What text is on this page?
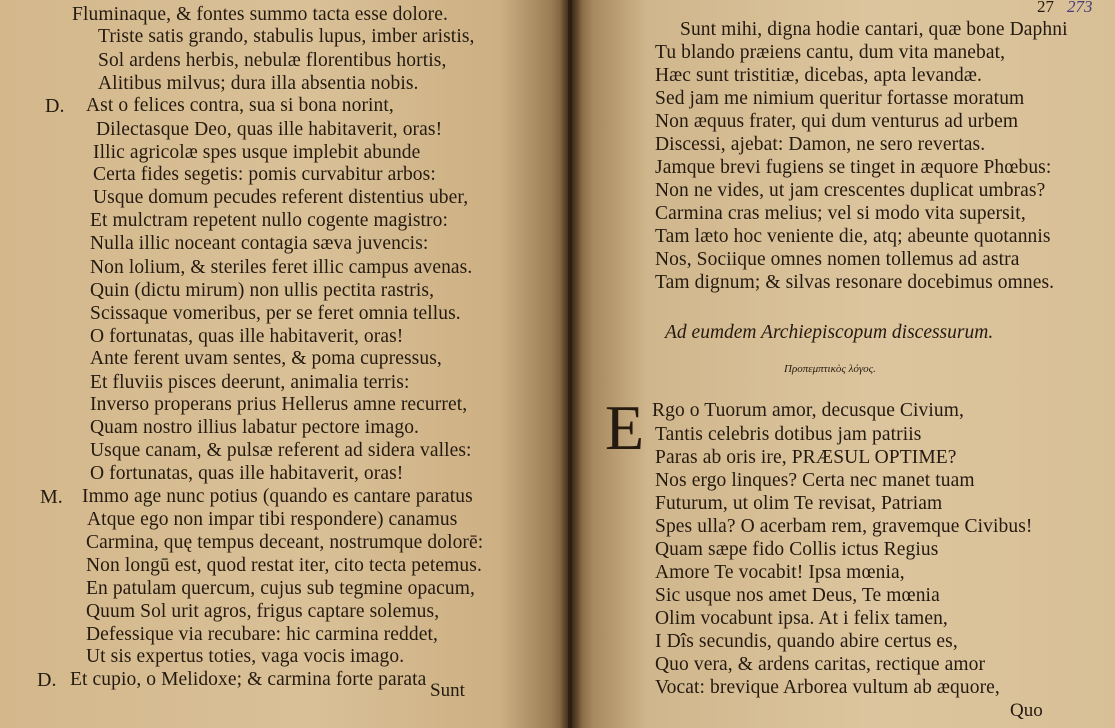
Fluminaque, & fontes summo tacta esse dolore.
Triste satis grando, stabulis lupus, imber aristis,
Sol ardens herbis, nebulæ florentibus hortis,
Alitibus milvus; dura illa absentia nobis.
Ast o felices contra, sua si bona norint,
Dilectasque Deo, quas ille habitaverit, oras!
Illic agricolæ spes usque implebit abunde
Certa fides segetis: pomis curvabitur arbos:
Usque domum pecudes referent distentius uber,
Et mulctram repetent nullo cogente magistro:
Nulla illic noceant contagia sæva juvencis:
Non lolium, & steriles feret illic campus avenas.
Quin (dictu mirum) non ullis pectita rastris,
Scissaque vomeribus, per se feret omnia tellus.
O fortunatas, quas ille habitaverit, oras!
Ante ferent uvam sentes, & poma cupressus,
Et fluviis pisces deerunt, animalia terris:
Inverso properans prius Hellerus amne recurret,
Quam nostro illius labatur pectore imago.
Usque canam, & pulsæ referent ad sidera valles:
O fortunatas, quas ille habitaverit, oras!
Immo age nunc potius (quando es cantare paratus
Atque ego non impar tibi respondere) canamus
Carmina, quę tempus deceant, nostrumque dolorē:
Non longū est, quod restat iter, cito tecta petemus.
En patulam quercum, cujus sub tegmine opacum,
Quum Sol urit agros, frigus captare solemus,
Defessique via recubare: hic carmina reddet,
Ut sis expertus toties, vaga vocis imago.
Et cupio, o Melidoxe; & carmina forte parata
D.
M.
D.
Sunt mihi, digna hodie cantari, quæ bone Daphni
Tu blando præiens cantu, dum vita manebat,
Hæc sunt tristitiæ, dicebas, apta levandæ.
Sed jam me nimium queritur fortasse moratum
Non æquus frater, qui dum venturus ad urbem
Discessi, ajebat: Damon, ne sero revertas.
Jamque brevi fugiens se tinget in æquore Phœbus:
Non ne vides, ut jam crescentes duplicat umbras?
Carmina cras melius; vel si modo vita supersit,
Tam læto hoc veniente die, atq; abeunte quotannis
Nos, Sociique omnes nomen tollemus ad astra
Tam dignum; & silvas resonare docebimus omnes.
Rgo o Tuorum amor, decusque Civium,
Tantis celebris dotibus jam patriis
Paras ab oris ire, PRÆSUL OPTIME?
Nos ergo linques? Certa nec manet tuam
Futurum, ut olim Te revisat, Patriam
Spes ulla? O acerbam rem, gravemque Civibus!
Quam sæpe fido Collis ictus Regius
Amore Te vocabit! Ipsa mœnia,
Sic usque nos amet Deus, Te mœnia
Olim vocabunt ipsa. At i felix tamen,
I Dîs secundis, quando abire certus es,
Quo vera, & ardens caritas, rectique amor
Vocat: brevique Arborea vultum ab æquore,
27 273
Ad eumdem Archiepiscopum discessurum.
Προπεμπτικὸς λόγος.
E
Sunt
Quo
